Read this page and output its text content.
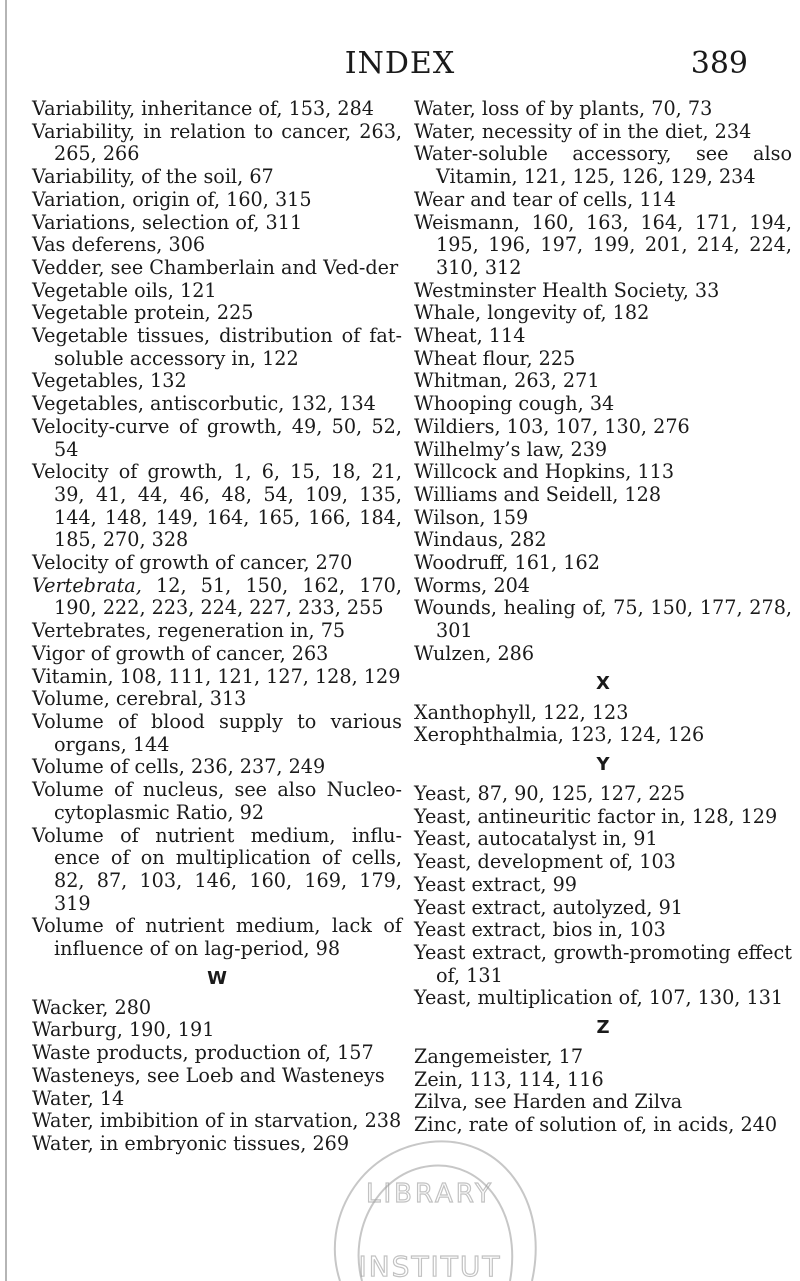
INDEX	389
Variability, inheritance of, 153, 284
Variability, in relation to cancer, 263, 265, 266
Variability, of the soil, 67
Variation, origin of, 160, 315
Variations, selection of, 311
Vas deferens, 306
Vedder, see Chamberlain and Ved-der
Vegetable oils, 121
Vegetable protein, 225
Vegetable tissues, distribution of fat-soluble accessory in, 122
Vegetables, 132
Vegetables, antiscorbutic, 132, 134
Velocity-curve of growth, 49, 50, 52, 54
Velocity of growth, 1, 6, 15, 18, 21, 39, 41, 44, 46, 48, 54, 109, 135, 144, 148, 149, 164, 165, 166, 184, 185, 270, 328
Velocity of growth of cancer, 270
Vertebrata, 12, 51, 150, 162, 170, 190, 222, 223, 224, 227, 233, 255
Vertebrates, regeneration in, 75
Vigor of growth of cancer, 263
Vitamin, 108, 111, 121, 127, 128, 129
Volume, cerebral, 313
Volume of blood supply to various organs, 144
Volume of cells, 236, 237, 249
Volume of nucleus, see also Nucleo-cytoplasmic Ratio, 92
Volume of nutrient medium, influ-ence of on multiplication of cells, 82, 87, 103, 146, 160, 169, 179, 319
Volume of nutrient medium, lack of influence of on lag-period, 98
W
Wacker, 280
Warburg, 190, 191
Waste products, production of, 157
Wasteneys, see Loeb and Wasteneys
Water, 14
Water, imbibition of in starvation, 238
Water, in embryonic tissues, 269
Water, loss of by plants, 70, 73
Water, necessity of in the diet, 234
Water-soluble accessory, see also Vitamin, 121, 125, 126, 129, 234
Wear and tear of cells, 114
Weismann, 160, 163, 164, 171, 194, 195, 196, 197, 199, 201, 214, 224, 310, 312
Westminster Health Society, 33
Whale, longevity of, 182
Wheat, 114
Wheat flour, 225
Whitman, 263, 271
Whooping cough, 34
Wildiers, 103, 107, 130, 276
Wilhelmy’s law, 239
Willcock and Hopkins, 113
Williams and Seidell, 128
Wilson, 159
Windaus, 282
Woodruff, 161, 162
Worms, 204
Wounds, healing of, 75, 150, 177, 278, 301
Wulzen, 286
X
Xanthophyll, 122, 123
Xerophthalmia, 123, 124, 126
Y
Yeast, 87, 90, 125, 127, 225
Yeast, antineuritic factor in, 128, 129
Yeast, autocatalyst in, 91
Yeast, development of, 103
Yeast extract, 99
Yeast extract, autolyzed, 91
Yeast extract, bios in, 103
Yeast extract, growth-promoting effect of, 131
Yeast, multiplication of, 107, 130, 131
Z
Zangemeister, 17
Zein, 113, 114, 116
Zilva, see Harden and Zilva
Zinc, rate of solution of, in acids, 240
LIBRARY
INSTITUT
